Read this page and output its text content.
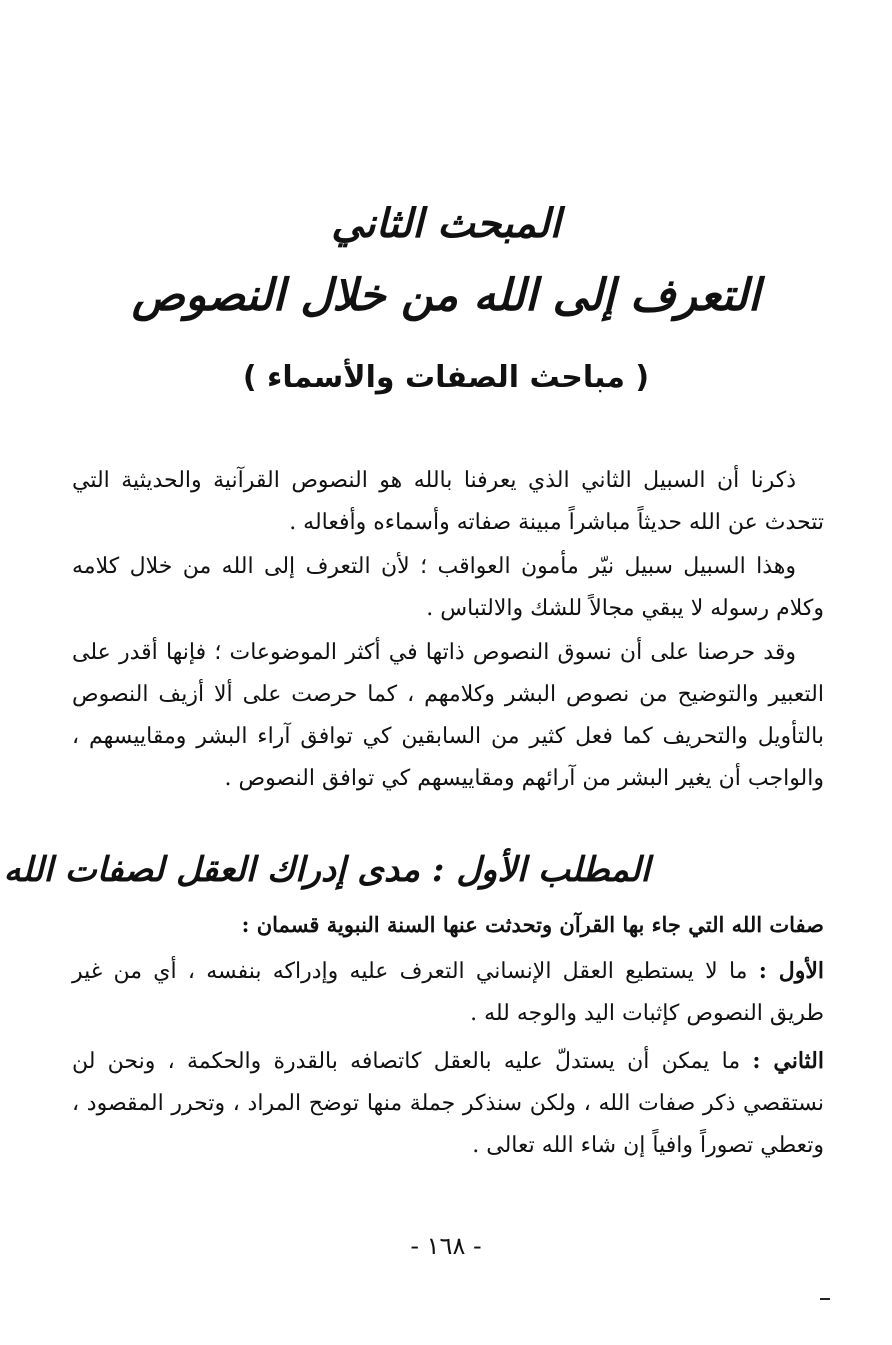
المبحث الثاني
التعرف إلى الله من خلال النصوص
( مباحث الصفات والأسماء )

ذكرنا أن السبيل الثاني الذي يعرفنا بالله هو النصوص القرآنية والحديثية التي تتحدث عن الله حديثاً مباشراً مبينة صفاته وأسماءه وأفعاله .

وهذا السبيل سبيل نيّر مأمون العواقب ؛ لأن التعرف إلى الله من خلال كلامه وكلام رسوله لا يبقي مجالاً للشك والالتباس .

وقد حرصنا على أن نسوق النصوص ذاتها في أكثر الموضوعات ؛ فإنها أقدر على التعبير والتوضيح من نصوص البشر وكلامهم ، كما حرصت على ألا أزيف النصوص بالتأويل والتحريف كما فعل كثير من السابقين كي توافق آراء البشر ومقاييسهم ، والواجب أن يغير البشر من آرائهم ومقاييسهم كي توافق النصوص .

المطلب الأول : مدى إدراك العقل لصفات الله

صفات الله التي جاء بها القرآن وتحدثت عنها السنة النبوية قسمان :

الأول : ما لا يستطيع العقل الإنساني التعرف عليه وإدراكه بنفسه ، أي من غير طريق النصوص كإثبات اليد والوجه لله .

الثاني : ما يمكن أن يستدلّ عليه بالعقل كاتصافه بالقدرة والحكمة ، ونحن لن نستقصي ذكر صفات الله ، ولكن سنذكر جملة منها توضح المراد ، وتحرر المقصود ، وتعطي تصوراً وافياً إن شاء الله تعالى .

- ١٦٨ -
